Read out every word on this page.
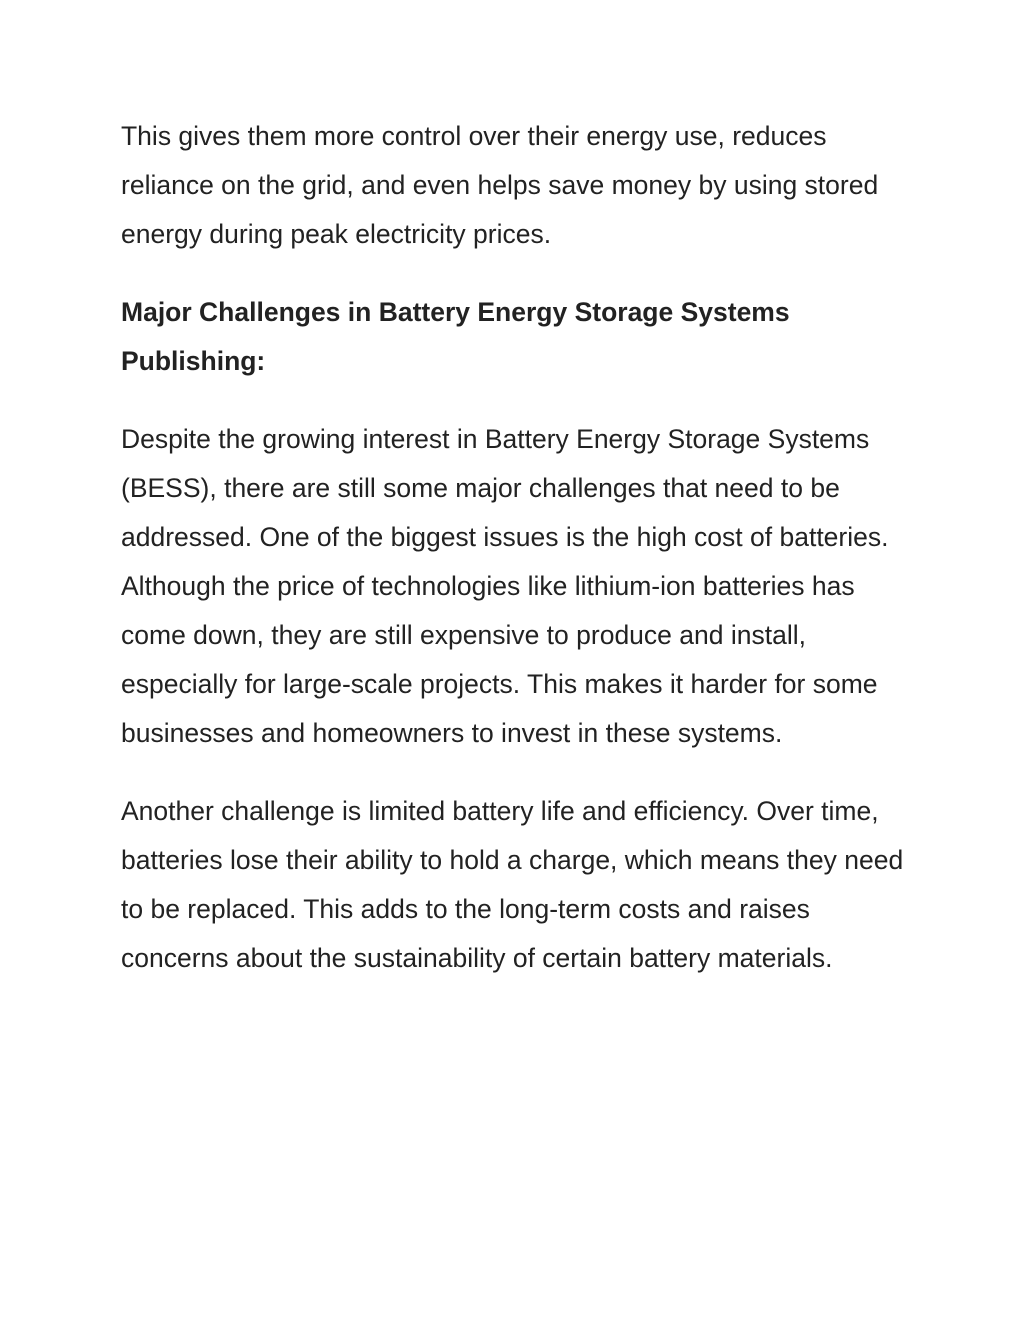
This gives them more control over their energy use, reduces reliance on the grid, and even helps save money by using stored energy during peak electricity prices.

Major Challenges in Battery Energy Storage Systems Publishing:

Despite the growing interest in Battery Energy Storage Systems (BESS), there are still some major challenges that need to be addressed. One of the biggest issues is the high cost of batteries. Although the price of technologies like lithium-ion batteries has come down, they are still expensive to produce and install, especially for large-scale projects. This makes it harder for some businesses and homeowners to invest in these systems.

Another challenge is limited battery life and efficiency. Over time, batteries lose their ability to hold a charge, which means they need to be replaced. This adds to the long-term costs and raises concerns about the sustainability of certain battery materials.
